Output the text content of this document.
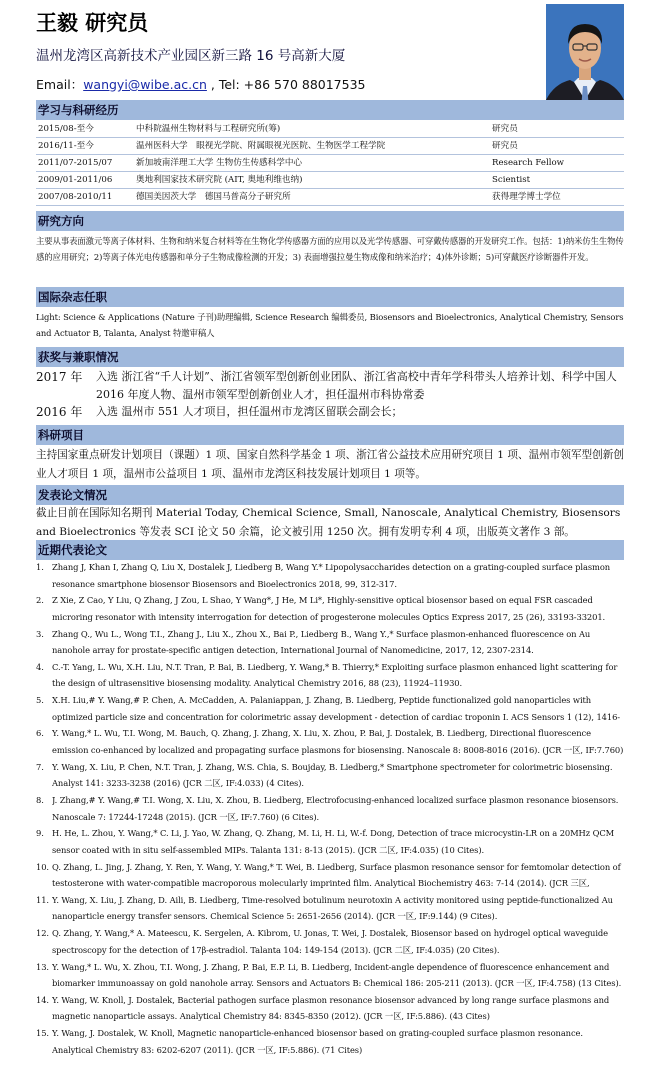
王毅 研究员
温州龙湾区高新技术产业园区新三路 16 号高新大厦
Email：wangyi@wibe.ac.cn , Tel: +86 570 88017535
学习与科研经历
2015/08-至今	中科院温州生物材料与工程研究所(筹)	研究员
2016/11-至今	温州医科大学　眼视光学院、附属眼视光医院、生物医学工程学院	研究员
2011/07-2015/07	新加坡南洋理工大学 生物仿生传感科学中心	Research Fellow
2009/01-2011/06	奥地利国家技术研究院 (AIT, 奥地利维也纳)	Scientist
2007/08-2010/11	德国美因茨大学　德国马普高分子研究所	获得理学博士学位
研究方向
主要从事表面激元等离子体材料、生物和纳米复合材料等在生物化学传感器方面的应用以及光学传感器、可穿戴传感器的开发研究工作。包括：1)纳米仿生生物传感的应用研究；2)等离子体光电传感器和单分子生物成像检测的开发；3) 表面增强拉曼生物成像和纳米治疗；4)体外诊断；5)可穿戴医疗诊断器件开发。
国际杂志任职
Light: Science & Applications (Nature 子刊)助理编辑, Science Research 编辑委员, Biosensors and Bioelectronics, Analytical Chemistry, Sensors and Actuator B, Talanta, Analyst 特邀审稿人
获奖与兼职情况
2017 年	入选 浙江省“千人计划”、浙江省领军型创新创业团队、浙江省高校中青年学科带头人培养计划、科学中国人 2016 年度人物、温州市领军型创新创业人才，担任温州市科协常委
2016 年	入选 温州市 551 人才项目，担任温州市龙湾区留联会副会长；
科研项目
主持国家重点研发计划项目（课题）1 项、国家自然科学基金 1 项、浙江省公益技术应用研究项目 1 项、温州市领军型创新创业人才项目 1 项，温州市公益项目 1 项、温州市龙湾区科技发展计划项目 1 项等。
发表论文情况
截止目前在国际知名期刊 Material Today, Chemical Science, Small, Nanoscale, Analytical Chemistry, Biosensors and Bioelectronics 等发表 SCI 论文 50 余篇，论文被引用 1250 次。拥有发明专利 4 项，出版英文著作 3 部。
近期代表论文
1. Zhang J, Khan I, Zhang Q, Liu X, Dostalek J, Liedberg B, Wang Y.* Lipopolysaccharides detection on a grating-coupled surface plasmon resonance smartphone biosensor Biosensors and Bioelectronics 2018, 99, 312-317.
2. Z Xie, Z Cao, Y Liu, Q Zhang, J Zou, L Shao, Y Wang*, J He, M Li*, Highly-sensitive optical biosensor based on equal FSR cascaded microring resonator with intensity interrogation for detection of progesterone molecules Optics Express 2017, 25 (26), 33193-33201.
3. Zhang Q., Wu L., Wong T.I., Zhang J., Liu X., Zhou X., Bai P., Liedberg B., Wang Y.,* Surface plasmon-enhanced fluorescence on Au nanohole array for prostate-specific antigen detection, International Journal of Nanomedicine, 2017, 12, 2307-2314.
4. C.-T. Yang, L. Wu, X.H. Liu, N.T. Tran, P. Bai, B. Liedberg, Y. Wang,* B. Thierry,* Exploiting surface plasmon enhanced light scattering for the design of ultrasensitive biosensing modality. Analytical Chemistry 2016, 88 (23), 11924–11930.
5. X.H. Liu,# Y. Wang,# P. Chen, A. McCadden, A. Palaniappan, J. Zhang, B. Liedberg, Peptide functionalized gold nanoparticles with optimized particle size and concentration for colorimetric assay development - detection of cardiac troponin I. ACS Sensors 1 (12), 1416-
6. Y. Wang,* L. Wu, T.I. Wong, M. Bauch, Q. Zhang, J. Zhang, X. Liu, X. Zhou, P. Bai, J. Dostalek, B. Liedberg, Directional fluorescence emission co-enhanced by localized and propagating surface plasmons for biosensing. Nanoscale 8: 8008-8016 (2016). (JCR 一区, IF:7.760)
7. Y. Wang, X. Liu, P. Chen, N.T. Tran, J. Zhang, W.S. Chia, S. Boujday, B. Liedberg,* Smartphone spectrometer for colorimetric biosensing. Analyst 141: 3233-3238 (2016) (JCR 二区, IF:4.033) (4 Cites).
8. J. Zhang,# Y. Wang,# T.I. Wong, X. Liu, X. Zhou, B. Liedberg, Electrofocusing-enhanced localized surface plasmon resonance biosensors. Nanoscale 7: 17244-17248 (2015). (JCR 一区, IF:7.760) (6 Cites).
9. H. He, L. Zhou, Y. Wang,* C. Li, J. Yao, W. Zhang, Q. Zhang, M. Li, H. Li, W.-f. Dong, Detection of trace microcystin-LR on a 20MHz QCM sensor coated with in situ self-assembled MIPs. Talanta 131: 8-13 (2015). (JCR 二区, IF:4.035) (10 Cites).
10. Q. Zhang, L. Jing, J. Zhang, Y. Ren, Y. Wang, Y. Wang,* T. Wei, B. Liedberg, Surface plasmon resonance sensor for femtomolar detection of testosterone with water-compatible macroporous molecularly imprinted film. Analytical Biochemistry 463: 7-14 (2014). (JCR 三区,
11. Y. Wang, X. Liu, J. Zhang, D. Aili, B. Liedberg, Time-resolved botulinum neurotoxin A activity monitored using peptide-functionalized Au nanoparticle energy transfer sensors. Chemical Science 5: 2651-2656 (2014). (JCR 一区, IF:9.144) (9 Cites).
12. Q. Zhang, Y. Wang,* A. Mateescu, K. Sergelen, A. Kibrom, U. Jonas, T. Wei, J. Dostalek, Biosensor based on hydrogel optical waveguide spectroscopy for the detection of 17β-estradiol. Talanta 104: 149-154 (2013). (JCR 二区, IF:4.035) (20 Cites).
13. Y. Wang,* L. Wu, X. Zhou, T.I. Wong, J. Zhang, P. Bai, E.P. Li, B. Liedberg, Incident-angle dependence of fluorescence enhancement and biomarker immunoassay on gold nanohole array. Sensors and Actuators B: Chemical 186: 205-211 (2013). (JCR 一区, IF:4.758) (13 Cites).
14. Y. Wang, W. Knoll, J. Dostalek, Bacterial pathogen surface plasmon resonance biosensor advanced by long range surface plasmons and magnetic nanoparticle assays. Analytical Chemistry 84: 8345-8350 (2012). (JCR 一区, IF:5.886). (43 Cites)
15. Y. Wang, J. Dostalek, W. Knoll, Magnetic nanoparticle-enhanced biosensor based on grating-coupled surface plasmon resonance. Analytical Chemistry 83: 6202-6207 (2011). (JCR 一区, IF:5.886). (71 Cites)
